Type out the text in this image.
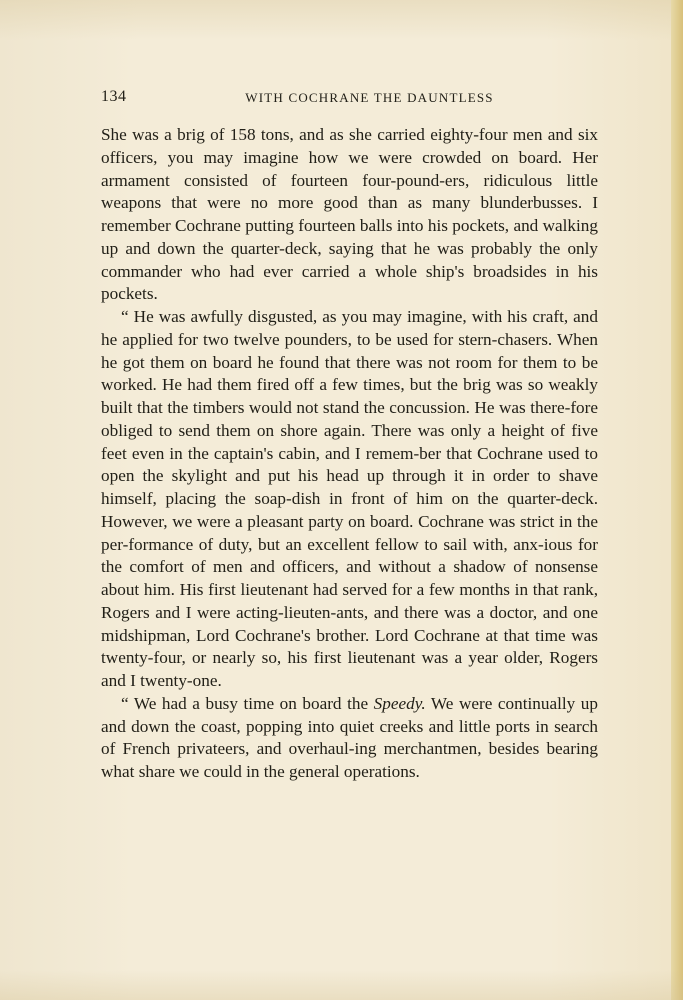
134	WITH COCHRANE THE DAUNTLESS

She was a brig of 158 tons, and as she carried eighty-four men and six officers, you may imagine how we were crowded on board. Her armament consisted of fourteen four-pound-ers, ridiculous little weapons that were no more good than as many blunderbusses. I remember Cochrane putting fourteen balls into his pockets, and walking up and down the quarter-deck, saying that he was probably the only commander who had ever carried a whole ship's broadsides in his pockets.

“ He was awfully disgusted, as you may imagine, with his craft, and he applied for two twelve pounders, to be used for stern-chasers. When he got them on board he found that there was not room for them to be worked. He had them fired off a few times, but the brig was so weakly built that the timbers would not stand the concussion. He was there-fore obliged to send them on shore again. There was only a height of five feet even in the captain's cabin, and I remem-ber that Cochrane used to open the skylight and put his head up through it in order to shave himself, placing the soap-dish in front of him on the quarter-deck. However, we were a pleasant party on board. Cochrane was strict in the per-formance of duty, but an excellent fellow to sail with, anx-ious for the comfort of men and officers, and without a shadow of nonsense about him. His first lieutenant had served for a few months in that rank, Rogers and I were acting-lieuten-ants, and there was a doctor, and one midshipman, Lord Cochrane's brother. Lord Cochrane at that time was twenty-four, or nearly so, his first lieutenant was a year older, Rogers and I twenty-one.

“ We had a busy time on board the Speedy. We were continually up and down the coast, popping into quiet creeks and little ports in search of French privateers, and overhaul-ing merchantmen, besides bearing what share we could in the general operations.
